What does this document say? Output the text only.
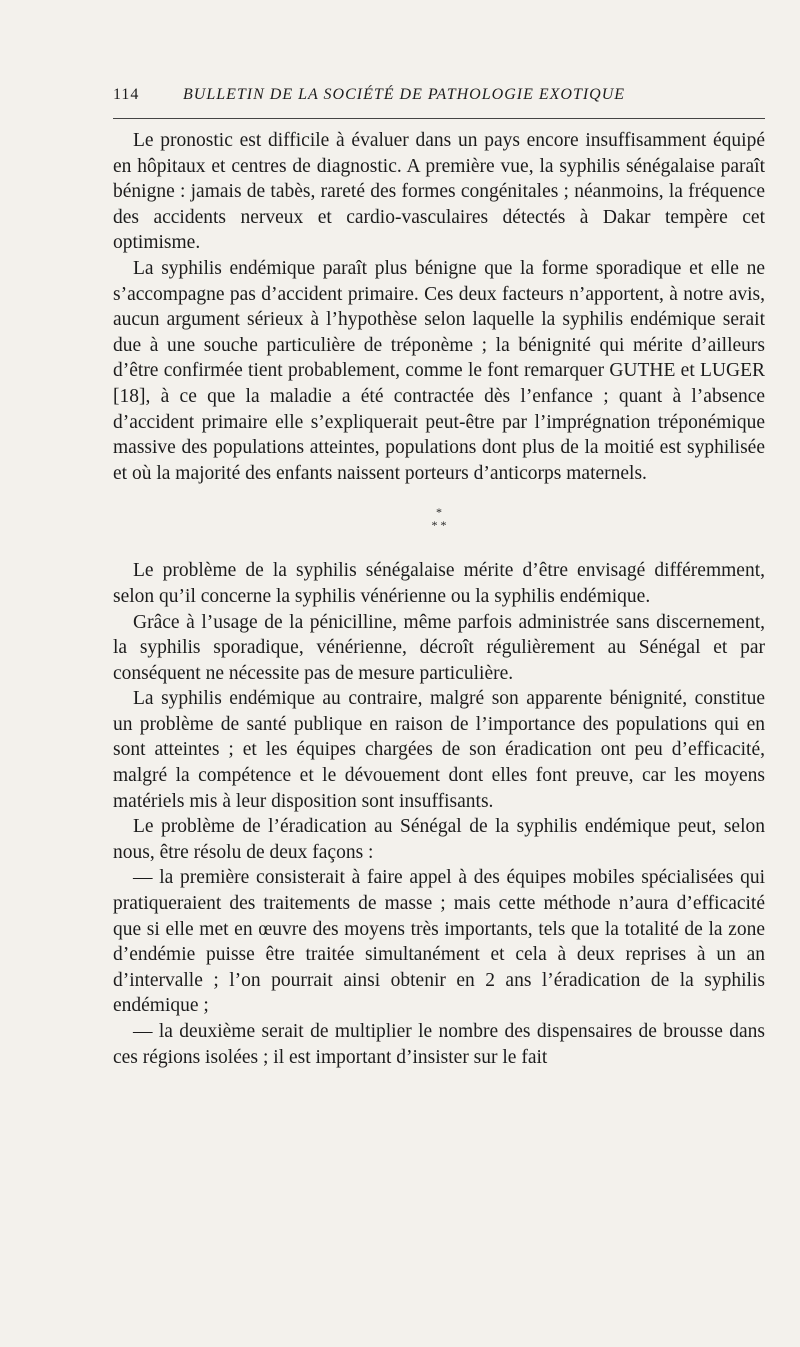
114	BULLETIN DE LA SOCIÉTÉ DE PATHOLOGIE EXOTIQUE

Le pronostic est difficile à évaluer dans un pays encore insuffisamment équipé en hôpitaux et centres de diagnostic. A première vue, la syphilis sénégalaise paraît bénigne : jamais de tabès, rareté des formes congénitales ; néanmoins, la fréquence des accidents nerveux et cardio-vasculaires détectés à Dakar tempère cet optimisme.

La syphilis endémique paraît plus bénigne que la forme sporadique et elle ne s’accompagne pas d’accident primaire. Ces deux facteurs n’apportent, à notre avis, aucun argument sérieux à l’hypothèse selon laquelle la syphilis endémique serait due à une souche particulière de tréponème ; la bénignité qui mérite d’ailleurs d’être confirmée tient probablement, comme le font remarquer GUTHE et LUGER [18], à ce que la maladie a été contractée dès l’enfance ; quant à l’absence d’accident primaire elle s’expliquerait peut-être par l’imprégnation tréponémique massive des populations atteintes, populations dont plus de la moitié est syphilisée et où la majorité des enfants naissent porteurs d’anticorps maternels.

*
* *

Le problème de la syphilis sénégalaise mérite d’être envisagé différemment, selon qu’il concerne la syphilis vénérienne ou la syphilis endémique.

Grâce à l’usage de la pénicilline, même parfois administrée sans discernement, la syphilis sporadique, vénérienne, décroît régulièrement au Sénégal et par conséquent ne nécessite pas de mesure particulière.

La syphilis endémique au contraire, malgré son apparente bénignité, constitue un problème de santé publique en raison de l’importance des populations qui en sont atteintes ; et les équipes chargées de son éradication ont peu d’efficacité, malgré la compétence et le dévouement dont elles font preuve, car les moyens matériels mis à leur disposition sont insuffisants.

Le problème de l’éradication au Sénégal de la syphilis endémique peut, selon nous, être résolu de deux façons :

— la première consisterait à faire appel à des équipes mobiles spécialisées qui pratiqueraient des traitements de masse ; mais cette méthode n’aura d’efficacité que si elle met en œuvre des moyens très importants, tels que la totalité de la zone d’endémie puisse être traitée simultanément et cela à deux reprises à un an d’intervalle ; l’on pourrait ainsi obtenir en 2 ans l’éradication de la syphilis endémique ;

— la deuxième serait de multiplier le nombre des dispensaires de brousse dans ces régions isolées ; il est important d’insister sur le fait
